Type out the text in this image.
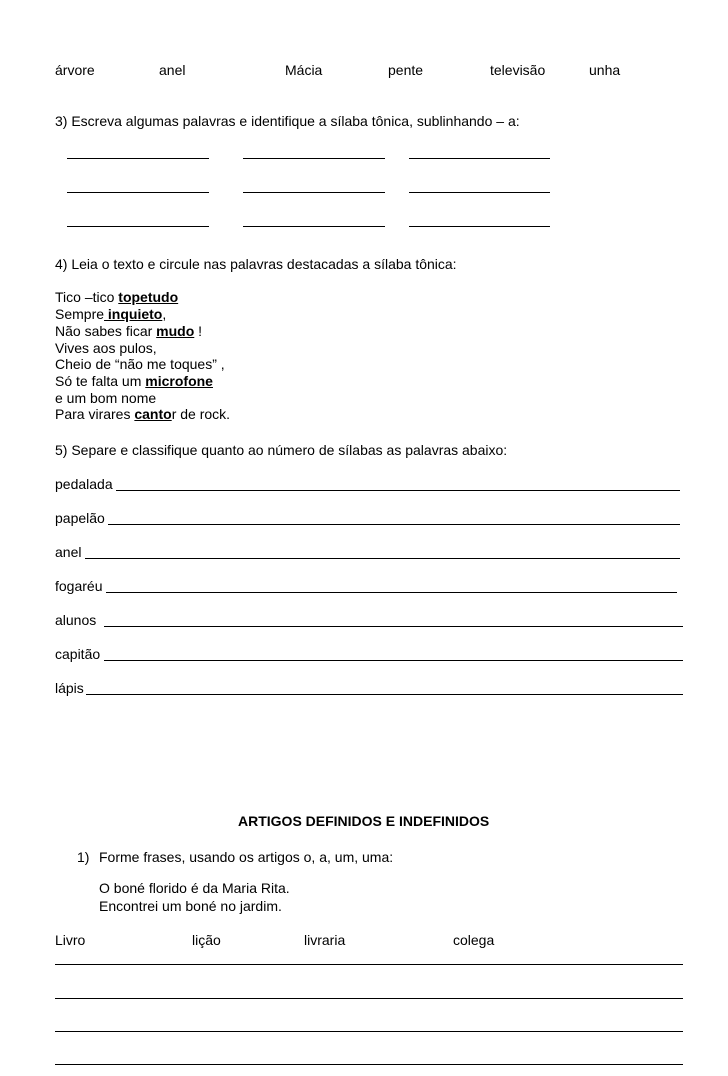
árvore	anel	Mácia	pente	televisão	unha
3) Escreva algumas palavras e identifique a sílaba tônica, sublinhando – a:
4) Leia o texto e circule nas palavras destacadas a sílaba tônica:
Tico –tico topetudo
Sempre inquieto,
Não sabes ficar mudo !
Vives aos pulos,
Cheio de “não me toques” ,
Só te falta um microfone
e um bom nome
Para virares cantor de rock.
5) Separe e classifique quanto ao número de sílabas as palavras abaixo:
pedalada
papelão
anel
fogaréu
alunos
capitão
lápis
ARTIGOS DEFINIDOS E INDEFINIDOS
1) Forme frases, usando os artigos o, a, um, uma:
O boné florido é da Maria Rita.
Encontrei um boné no jardim.
Livro	lição	livraria	colega
